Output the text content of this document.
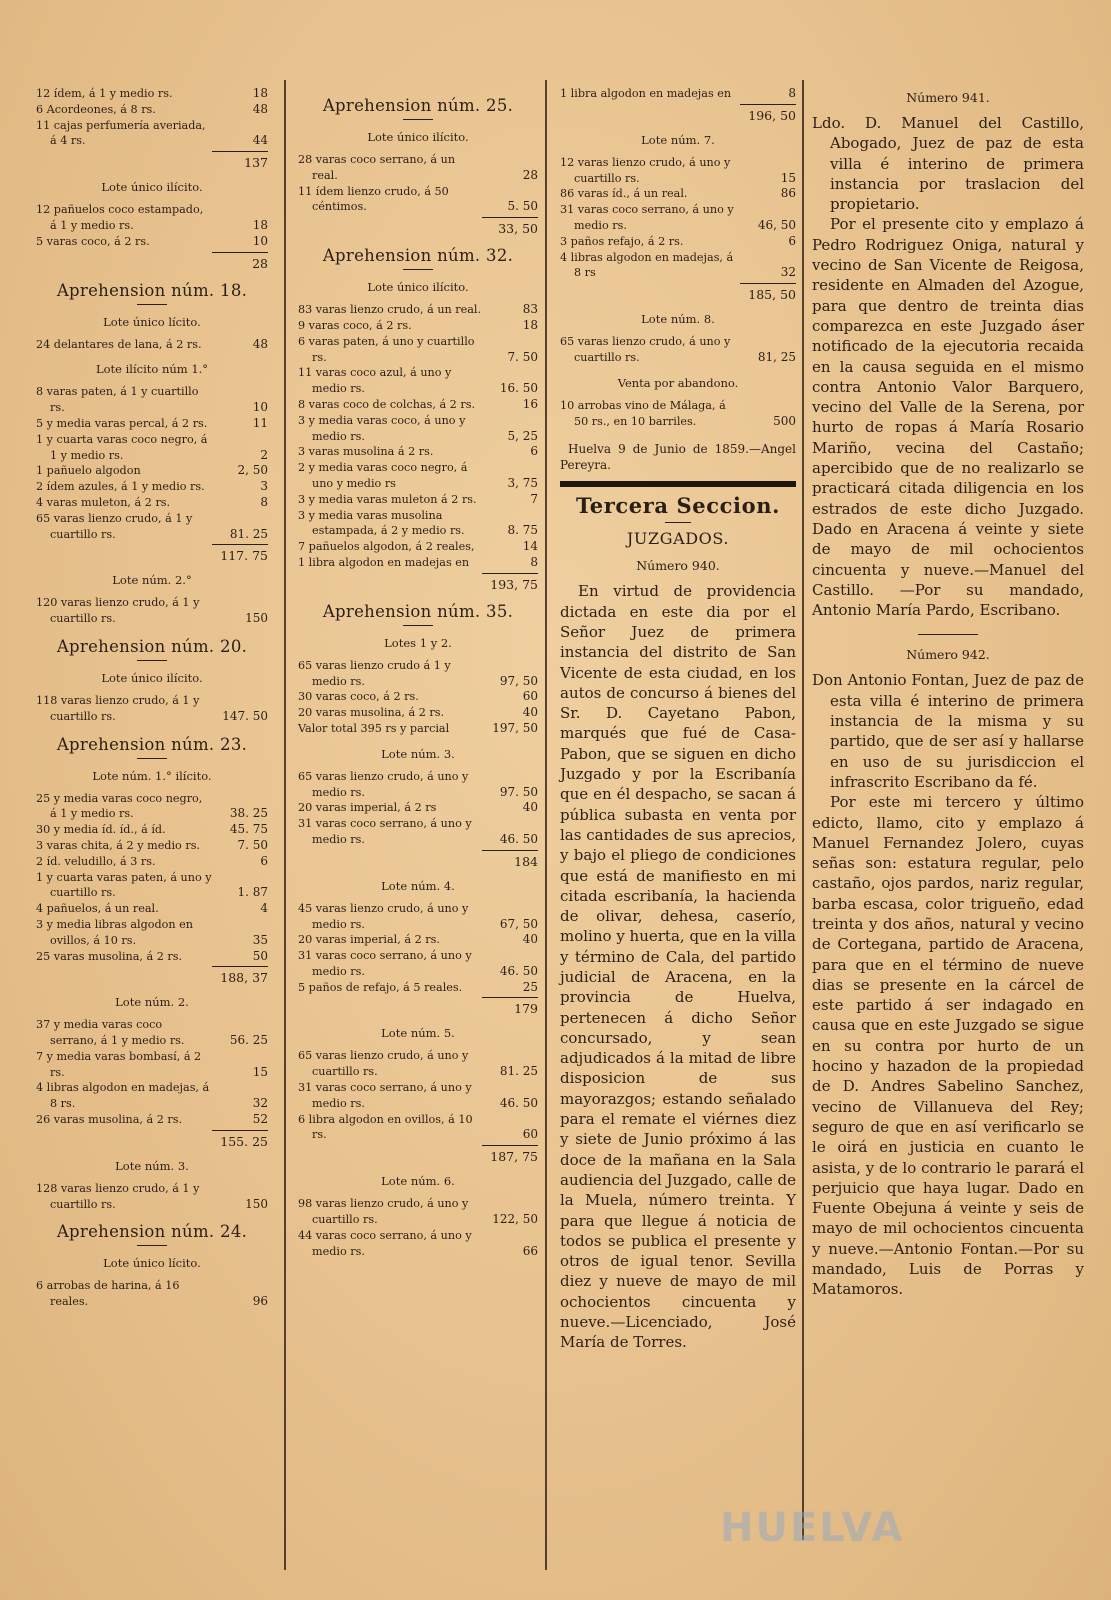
12 ídem, á 1 y medio rs.	18
6 Acordeones, á 8 rs.	48
11 cajas perfumería averiada, á 4 rs.	44
137
Lote único ilícito.
12 pañuelos coco estampado, á 1 y medio rs.	18
5 varas coco, á 2 rs.	10
28
Aprehension núm. 18.
Lote único lícito.
24 delantares de lana, á 2 rs.	48
Lote ilícito núm 1.°
8 varas paten, á 1 y cuartillo rs.	10
5 y media varas percal, á 2 rs.	11
1 y cuarta varas coco negro, á 1 y medio rs.	2
1 pañuelo algodon	2, 50
2 ídem azules, á 1 y medio rs.	3
4 varas muleton, á 2 rs.	8
65 varas lienzo crudo, á 1 y cuartillo rs.	81. 25
117. 75
Lote núm. 2.°
120 varas lienzo crudo, á 1 y cuartillo rs.	150
Aprehension núm. 20.
Lote único ilícito.
118 varas lienzo crudo, á 1 y cuartillo rs.	147. 50
Aprehension núm. 23.
Lote núm. 1.° ilícito.
25 y media varas coco negro, á 1 y medio rs.	38. 25
30 y media íd. íd., á íd.	45. 75
3 varas chita, á 2 y medio rs.	7. 50
2 íd. veludillo, á 3 rs.	6
1 y cuarta varas paten, á uno y cuartillo rs.	1. 87
4 pañuelos, á un real.	4
3 y media libras algodon en ovillos, á 10 rs.	35
25 varas musolina, á 2 rs.	50
188, 37
Lote núm. 2.
37 y media varas coco serrano, á 1 y medio rs.	56. 25
7 y media varas bombasí, á 2 rs.	15
4 libras algodon en madejas, á 8 rs.	32
26 varas musolina, á 2 rs.	52
155. 25
Lote núm. 3.
128 varas lienzo crudo, á 1 y cuartillo rs.	150
Aprehension núm. 24.
Lote único lícito.
6 arrobas de harina, á 16 reales.	96
Aprehension núm. 25.
Lote único ilícito.
28 varas coco serrano, á un real.	28
11 ídem lienzo crudo, á 50 céntimos.	5. 50
33, 50
Aprehension núm. 32.
Lote único ilícito.
83 varas lienzo crudo, á un real.	83
9 varas coco, á 2 rs.	18
6 varas paten, á uno y cuartillo rs.	7. 50
11 varas coco azul, á uno y medio rs.	16. 50
8 varas coco de colchas, á 2 rs.	16
3 y media varas coco, á uno y medio rs.	5, 25
3 varas musolina á 2 rs.	6
2 y media varas coco negro, á uno y medio rs	3, 75
3 y media varas muleton á 2 rs.	7
3 y media varas musolina estampada, á 2 y medio rs.	8. 75
7 pañuelos algodon, á 2 reales,	14
1 libra algodon en madejas en	8
193, 75
Aprehension núm. 35.
Lotes 1 y 2.
65 varas lienzo crudo á 1 y medio rs.	97, 50
30 varas coco, á 2 rs.	60
20 varas musolina, á 2 rs.	40
Valor total 395 rs y parcial	197, 50
Lote núm. 3.
65 varas lienzo crudo, á uno y medio rs.	97. 50
20 varas imperial, á 2 rs	40
31 varas coco serrano, á uno y medio rs.	46. 50
184
Lote núm. 4.
45 varas lienzo crudo, á uno y medio rs.	67, 50
20 varas imperial, á 2 rs.	40
31 varas coco serrano, á uno y medio rs.	46. 50
5 paños de refajo, á 5 reales.	25
179
Lote núm. 5.
65 varas lienzo crudo, á uno y cuartillo rs.	81. 25
31 varas coco serrano, á uno y medio rs.	46. 50
6 libra algodon en ovillos, á 10 rs.	60
187, 75
Lote núm. 6.
98 varas lienzo crudo, á uno y cuartillo rs.	122, 50
44 varas coco serrano, á uno y medio rs.	66
1 libra algodon en madejas en	8
196, 50
Lote núm. 7.
12 varas lienzo crudo, á uno y cuartillo rs.	15
86 varas íd., á un real.	86
31 varas coco serrano, á uno y medio rs.	46, 50
3 paños refajo, á 2 rs.	6
4 libras algodon en madejas, á 8 rs	32
185, 50
Lote núm. 8.
65 varas lienzo crudo, á uno y cuartillo rs.	81, 25
Venta por abandono.
10 arrobas vino de Málaga, á 50 rs., en 10 barriles.	500
Huelva 9 de Junio de 1859.—Angel Pereyra.
Tercera Seccion.
JUZGADOS.
Número 940.

En virtud de providencia dictada en este dia por el Señor Juez de primera instancia del distrito de San Vicente de esta ciudad, en los autos de concurso á bienes del Sr. D. Cayetano Pabon, marqués que fué de Casa-Pabon, que se siguen en dicho Juzgado y por la Escribanía que en él despacho, se sacan á pública subasta en venta por las cantidades de sus aprecios, y bajo el pliego de condiciones que está de manifiesto en mi citada escribanía, la hacienda de olivar, dehesa, caserío, molino y huerta, que en la villa y término de Cala, del partido judicial de Aracena, en la provincia de Huelva, pertenecen á dicho Señor concursado, y sean adjudicados á la mitad de libre disposicion de sus mayorazgos; estando señalado para el remate el viérnes diez y siete de Junio próximo á las doce de la mañana en la Sala audiencia del Juzgado, calle de la Muela, número treinta. Y para que llegue á noticia de todos se publica el presente y otros de igual tenor. Sevilla diez y nueve de mayo de mil ochocientos cincuenta y nueve.—Licenciado, José María de Torres.

Número 941.

Ldo. D. Manuel del Castillo, Abogado, Juez de paz de esta villa é interino de primera instancia por traslacion del propietario.

Por el presente cito y emplazo á Pedro Rodriguez Oniga, natural y vecino de San Vicente de Reigosa, residente en Almaden del Azogue, para que dentro de treinta dias comparezca en este Juzgado áser notificado de la ejecutoria recaida en la causa seguida en el mismo contra Antonio Valor Barquero, vecino del Valle de la Serena, por hurto de ropas á María Rosario Mariño, vecina del Castaño; apercibido que de no realizarlo se practicará citada diligencia en los estrados de este dicho Juzgado. Dado en Aracena á veinte y siete de mayo de mil ochocientos cincuenta y nueve.—Manuel del Castillo. —Por su mandado, Antonio María Pardo, Escribano.

Número 942.

Don Antonio Fontan, Juez de paz de esta villa é interino de primera instancia de la misma y su partido, que de ser así y hallarse en uso de su jurisdiccion el infrascrito Escribano da fé.

Por este mi tercero y último edicto, llamo, cito y emplazo á Manuel Fernandez Jolero, cuyas señas son: estatura regular, pelo castaño, ojos pardos, nariz regular, barba escasa, color trigueño, edad treinta y dos años, natural y vecino de Cortegana, partido de Aracena, para que en el término de nueve dias se presente en la cárcel de este partido á ser indagado en causa que en este Juzgado se sigue en su contra por hurto de un hocino y hazadon de la propiedad de D. Andres Sabelino Sanchez, vecino de Villanueva del Rey; seguro de que en así verificarlo se le oirá en justicia en cuanto le asista, y de lo contrario le parará el perjuicio que haya lugar. Dado en Fuente Obejuna á veinte y seis de mayo de mil ochocientos cincuenta y nueve.—Antonio Fontan.—Por su mandado, Luis de Porras y Matamoros.

HUELVA
